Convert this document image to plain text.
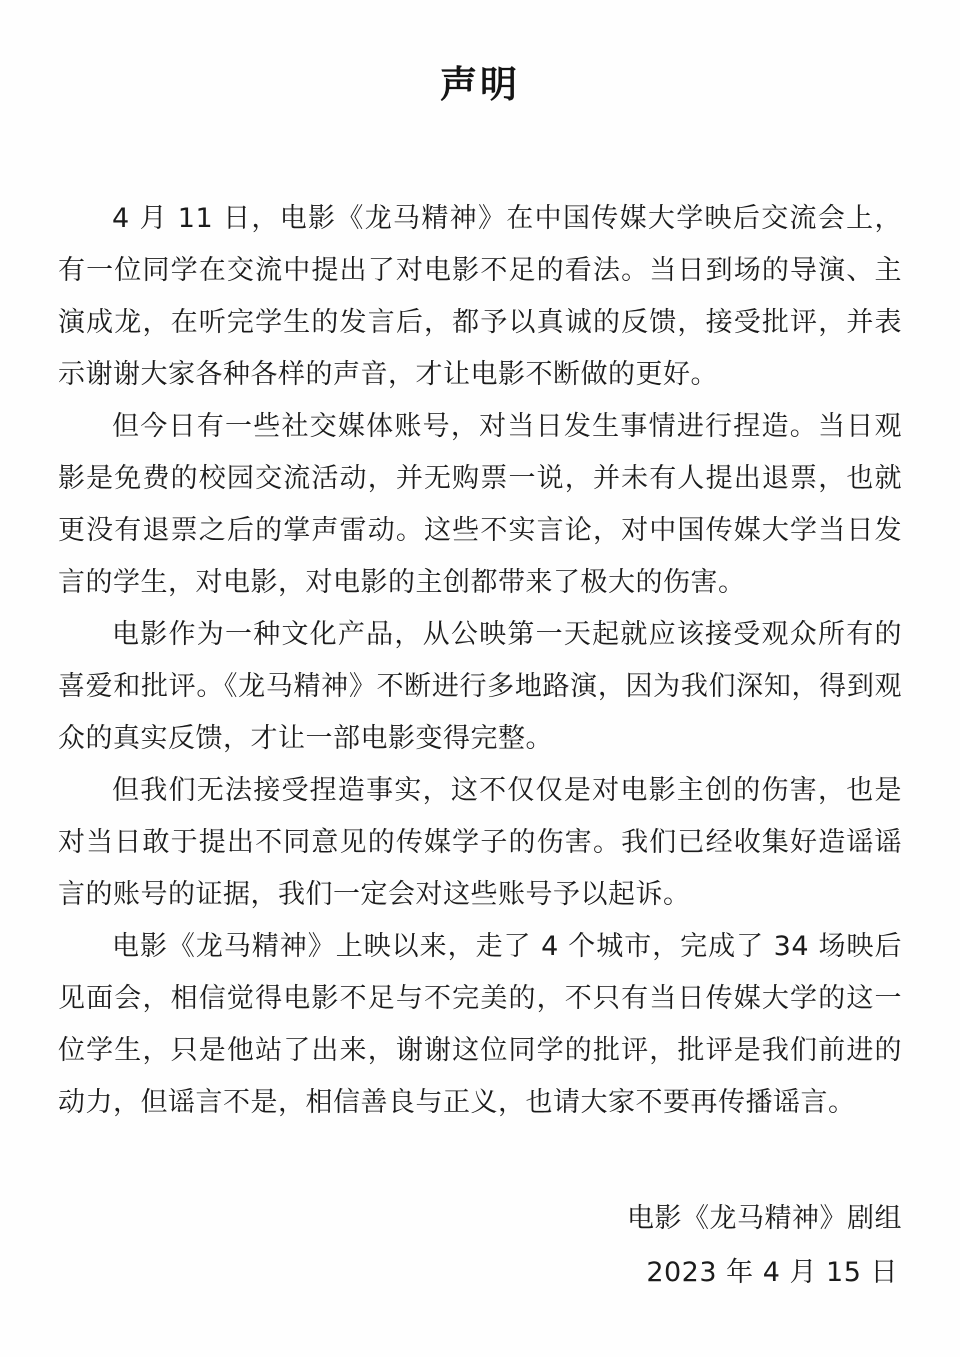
声明

4 月 11 日，电影《龙马精神》在中国传媒大学映后交流会上，有一位同学在交流中提出了对电影不足的看法。当日到场的导演、主演成龙，在听完学生的发言后，都予以真诚的反馈，接受批评，并表示谢谢大家各种各样的声音，才让电影不断做的更好。

但今日有一些社交媒体账号，对当日发生事情进行捏造。当日观影是免费的校园交流活动，并无购票一说，并未有人提出退票，也就更没有退票之后的掌声雷动。这些不实言论，对中国传媒大学当日发言的学生，对电影，对电影的主创都带来了极大的伤害。

电影作为一种文化产品，从公映第一天起就应该接受观众所有的喜爱和批评。《龙马精神》不断进行多地路演，因为我们深知，得到观众的真实反馈，才让一部电影变得完整。

但我们无法接受捏造事实，这不仅仅是对电影主创的伤害，也是对当日敢于提出不同意见的传媒学子的伤害。我们已经收集好造谣谣言的账号的证据，我们一定会对这些账号予以起诉。

电影《龙马精神》上映以来，走了 4 个城市，完成了 34 场映后见面会，相信觉得电影不足与不完美的，不只有当日传媒大学的这一位学生，只是他站了出来，谢谢这位同学的批评，批评是我们前进的动力，但谣言不是，相信善良与正义，也请大家不要再传播谣言。

电影《龙马精神》剧组

2023 年 4 月 15 日
